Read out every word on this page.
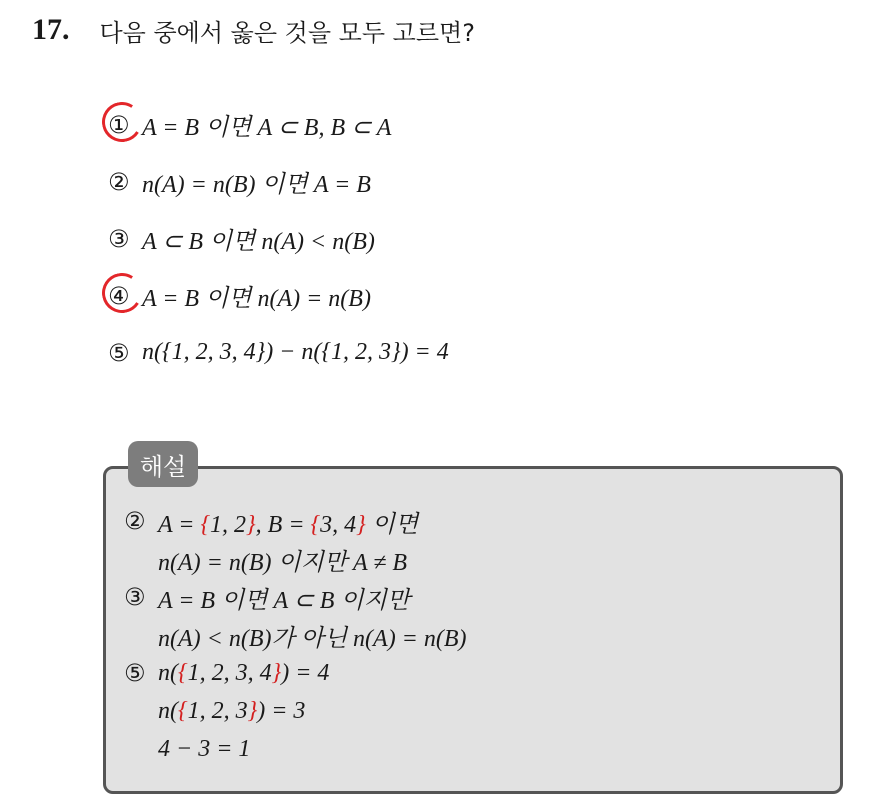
17. 다음 중에서 옳은 것을 모두 고르면?
① A = B 이면 A ⊂ B, B ⊂ A
② n(A) = n(B) 이면 A = B
③ A ⊂ B 이면 n(A) < n(B)
④ A = B 이면 n(A) = n(B)
⑤ n({1, 2, 3, 4}) − n({1, 2, 3}) = 4
해설
② A = {1, 2}, B = {3, 4} 이면
n(A) = n(B) 이지만 A ≠ B
③ A = B 이면 A ⊂ B 이지만
n(A) < n(B)가 아닌 n(A) = n(B)
⑤ n({1, 2, 3, 4}) = 4
n({1, 2, 3}) = 3
4 − 3 = 1
